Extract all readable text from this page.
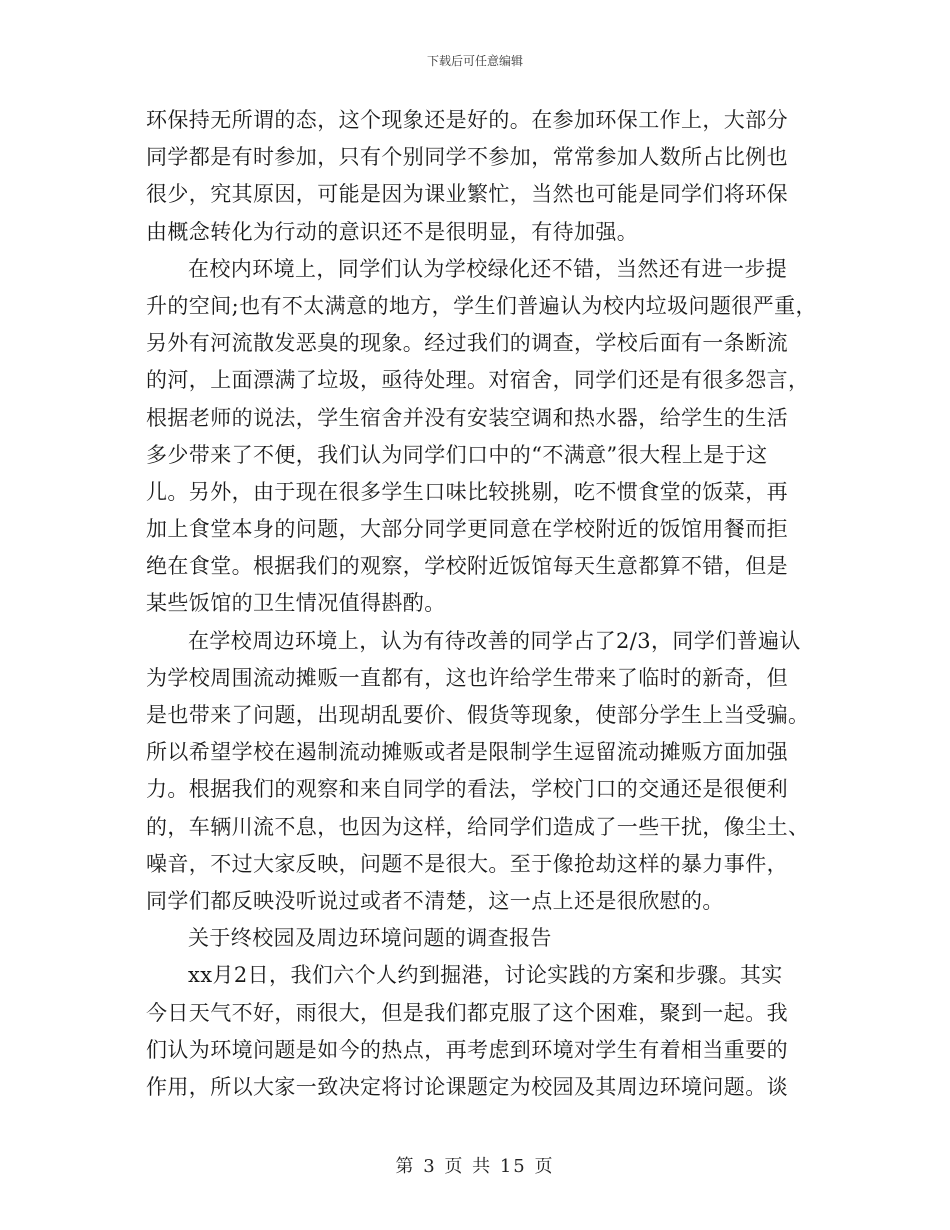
下载后可任意编辑
环保持无所谓的态，这个现象还是好的。在参加环保工作上，大部分
同学都是有时参加，只有个别同学不参加，常常参加人数所占比例也
很少，究其原因，可能是因为课业繁忙，当然也可能是同学们将环保
由概念转化为行动的意识还不是很明显，有待加强。
在校内环境上，同学们认为学校绿化还不错，当然还有进一步提
升的空间;也有不太满意的地方，学生们普遍认为校内垃圾问题很严重，
另外有河流散发恶臭的现象。经过我们的调查，学校后面有一条断流
的河，上面漂满了垃圾，亟待处理。对宿舍，同学们还是有很多怨言，
根据老师的说法，学生宿舍并没有安装空调和热水器，给学生的生活
多少带来了不便，我们认为同学们口中的“不满意”很大程上是于这
儿。另外，由于现在很多学生口味比较挑剔，吃不惯食堂的饭菜，再
加上食堂本身的问题，大部分同学更同意在学校附近的饭馆用餐而拒
绝在食堂。根据我们的观察，学校附近饭馆每天生意都算不错，但是
某些饭馆的卫生情况值得斟酌。
在学校周边环境上，认为有待改善的同学占了2/3，同学们普遍认
为学校周围流动摊贩一直都有，这也许给学生带来了临时的新奇，但
是也带来了问题，出现胡乱要价、假货等现象，使部分学生上当受骗。
所以希望学校在遏制流动摊贩或者是限制学生逗留流动摊贩方面加强
力。根据我们的观察和来自同学的看法，学校门口的交通还是很便利
的，车辆川流不息，也因为这样，给同学们造成了一些干扰，像尘土、
噪音，不过大家反映，问题不是很大。至于像抢劫这样的暴力事件，
同学们都反映没听说过或者不清楚，这一点上还是很欣慰的。
关于终校园及周边环境问题的调查报告
xx月2日，我们六个人约到掘港，讨论实践的方案和步骤。其实
今日天气不好，雨很大，但是我们都克服了这个困难，聚到一起。我
们认为环境问题是如今的热点，再考虑到环境对学生有着相当重要的
作用，所以大家一致决定将讨论课题定为校园及其周边环境问题。谈
第 3 页 共 15 页
